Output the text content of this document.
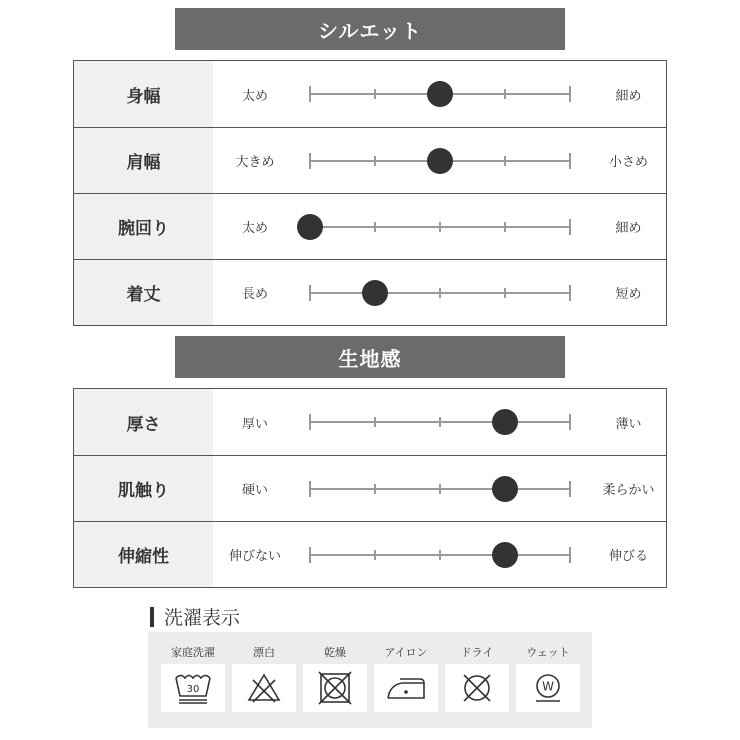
シルエット
身幅	太め	細め
肩幅	大きめ	小さめ
腕回り	太め	細め
着丈	長め	短め
生地感
厚さ	厚い	薄い
肌触り	硬い	柔らかい
伸縮性	伸びない	伸びる
洗濯表示
家庭洗濯
30
漂白	乾燥	アイロン	ドライ	ウェット
W
